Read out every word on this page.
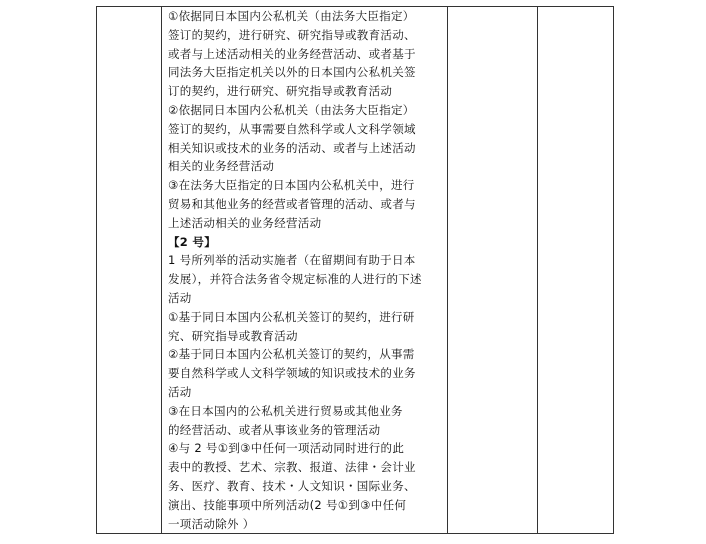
①依据同日本国内公私机关（由法务大臣指定）
签订的契约，进行研究、研究指导或教育活动、
或者与上述活动相关的业务经营活动、或者基于
同法务大臣指定机关以外的日本国内公私机关签
订的契约，进行研究、研究指导或教育活动
②依据同日本国内公私机关（由法务大臣指定）
签订的契约，从事需要自然科学或人文科学领域
相关知识或技术的业务的活动、或者与上述活动
相关的业务经营活动
③在法务大臣指定的日本国内公私机关中，进行
贸易和其他业务的经营或者管理的活动、或者与
上述活动相关的业务经营活动
【2 号】
1 号所列举的活动实施者（在留期间有助于日本
发展），并符合法务省令规定标准的人进行的下述
活动
①基于同日本国内公私机关签订的契约，进行研
究、研究指导或教育活动
②基于同日本国内公私机关签订的契约，从事需
要自然科学或人文科学领域的知识或技术的业务
活动
③在日本国内的公私机关进行贸易或其他业务
的经营活动、或者从事该业务的管理活动
④与 2 号①到③中任何一项活动同时进行的此
表中的教授、艺术、宗教、报道、法律・会计业
务、医疗、教育、技术・人文知识・国际业务、
演出、技能事项中所列活动(2 号①到③中任何
一项活动除外 ）
